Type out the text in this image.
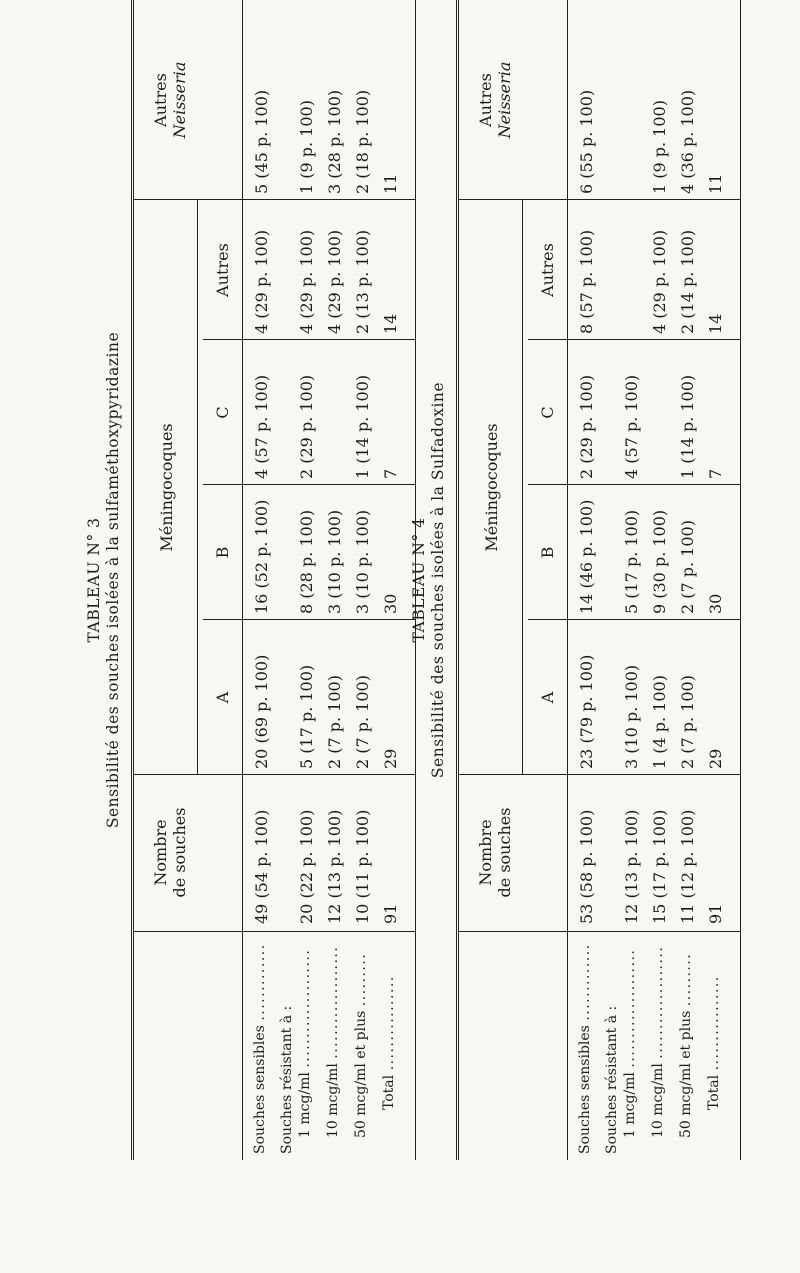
TABLEAU N° 3 Sensibilité des souches isolées à la sulfaméthoxypyridazine
Nombre de souches
Méningocoques
A
B
C
Autres
Autres Neisseria
Souches sensibles .............
Souches résistant à : 1 mcg/ml ....................
10 mcg/ml ...................
50 mcg/ml et plus .........
Total ................
49 (54 p. 100)
20 (69 p. 100)
16 (52 p. 100)
4 (57 p. 100)
4 (29 p. 100)
5 (45 p. 100)
20 (22 p. 100)
5 (17 p. 100)
8 (28 p. 100)
2 (29 p. 100)
4 (29 p. 100)
1 (9 p. 100)
12 (13 p. 100)
2 (7 p. 100)
3 (10 p. 100)
4 (29 p. 100)
3 (28 p. 100)
10 (11 p. 100)
2 (7 p. 100)
3 (10 p. 100)
1 (14 p. 100)
2 (13 p. 100)
2 (18 p. 100)
91
29
30
7
14
11
TABLEAU N° 4 Sensibilité des souches isolées à la Sulfadoxine
Nombre de souches
Méningocoques
A
B
C
Autres
Autres Neisseria
Souches sensibles .............
Souches résistant à : 1 mcg/ml ....................
10 mcg/ml ...................
50 mcg/ml et plus .........
Total ................
53 (58 p. 100)
23 (79 p. 100)
14 (46 p. 100)
2 (29 p. 100)
8 (57 p. 100)
6 (55 p. 100)
12 (13 p. 100)
3 (10 p. 100)
5 (17 p. 100)
4 (57 p. 100)
15 (17 p. 100)
1 (4 p. 100)
9 (30 p. 100)
4 (29 p. 100)
1 (9 p. 100)
11 (12 p. 100)
2 (7 p. 100)
2 (7 p. 100)
1 (14 p. 100)
2 (14 p. 100)
4 (36 p. 100)
91
29
30
7
14
11
